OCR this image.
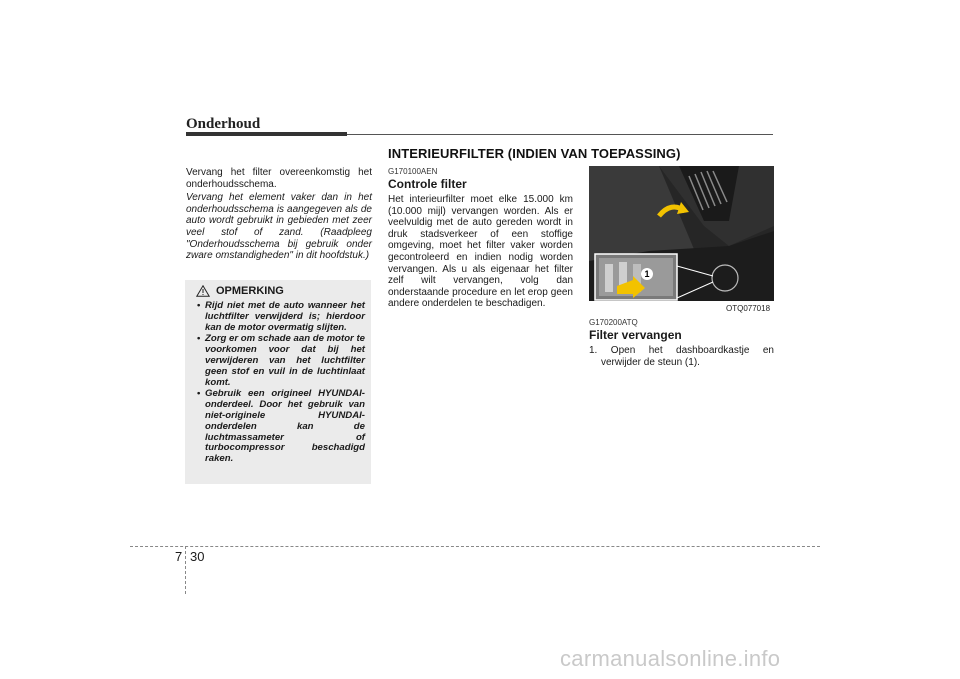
Onderhoud
INTERIEURFILTER (INDIEN VAN TOEPASSING)

Vervang het filter overeenkomstig het onderhoudsschema.

Vervang het element vaker dan in het onderhoudsschema is aangegeven als de auto wordt gebruikt in gebieden met zeer veel stof of zand. (Raadpleeg "Onderhoudsschema bij gebruik onder zware omstandigheden" in dit hoofdstuk.)

OPMERKING
• Rijd niet met de auto wanneer het luchtfilter verwijderd is; hierdoor kan de motor overmatig slijten.
• Zorg er om schade aan de motor te voorkomen voor dat bij het verwijderen van het luchtfilter geen stof en vuil in de luchtinlaat komt.
• Gebruik een origineel HYUNDAI-onderdeel. Door het gebruik van niet-originele HYUNDAI-onderdelen kan de luchtmassameter of turbocompressor beschadigd raken.
G170100AEN
Controle filter

Het interieurfilter moet elke 15.000 km (10.000 mijl) vervangen worden. Als er veelvuldig met de auto gereden wordt in druk stadsverkeer of een stoffige omgeving, moet het filter vaker worden gecontroleerd en indien nodig worden vervangen. Als u als eigenaar het filter zelf wilt vervangen, volg dan onderstaande procedure en let erop geen andere onderdelen te beschadigen.

1
OTQ077018
G170200ATQ
Filter vervangen

1. Open het dashboardkastje en verwijder de steun (1).

7 30
carmanualsonline.info
